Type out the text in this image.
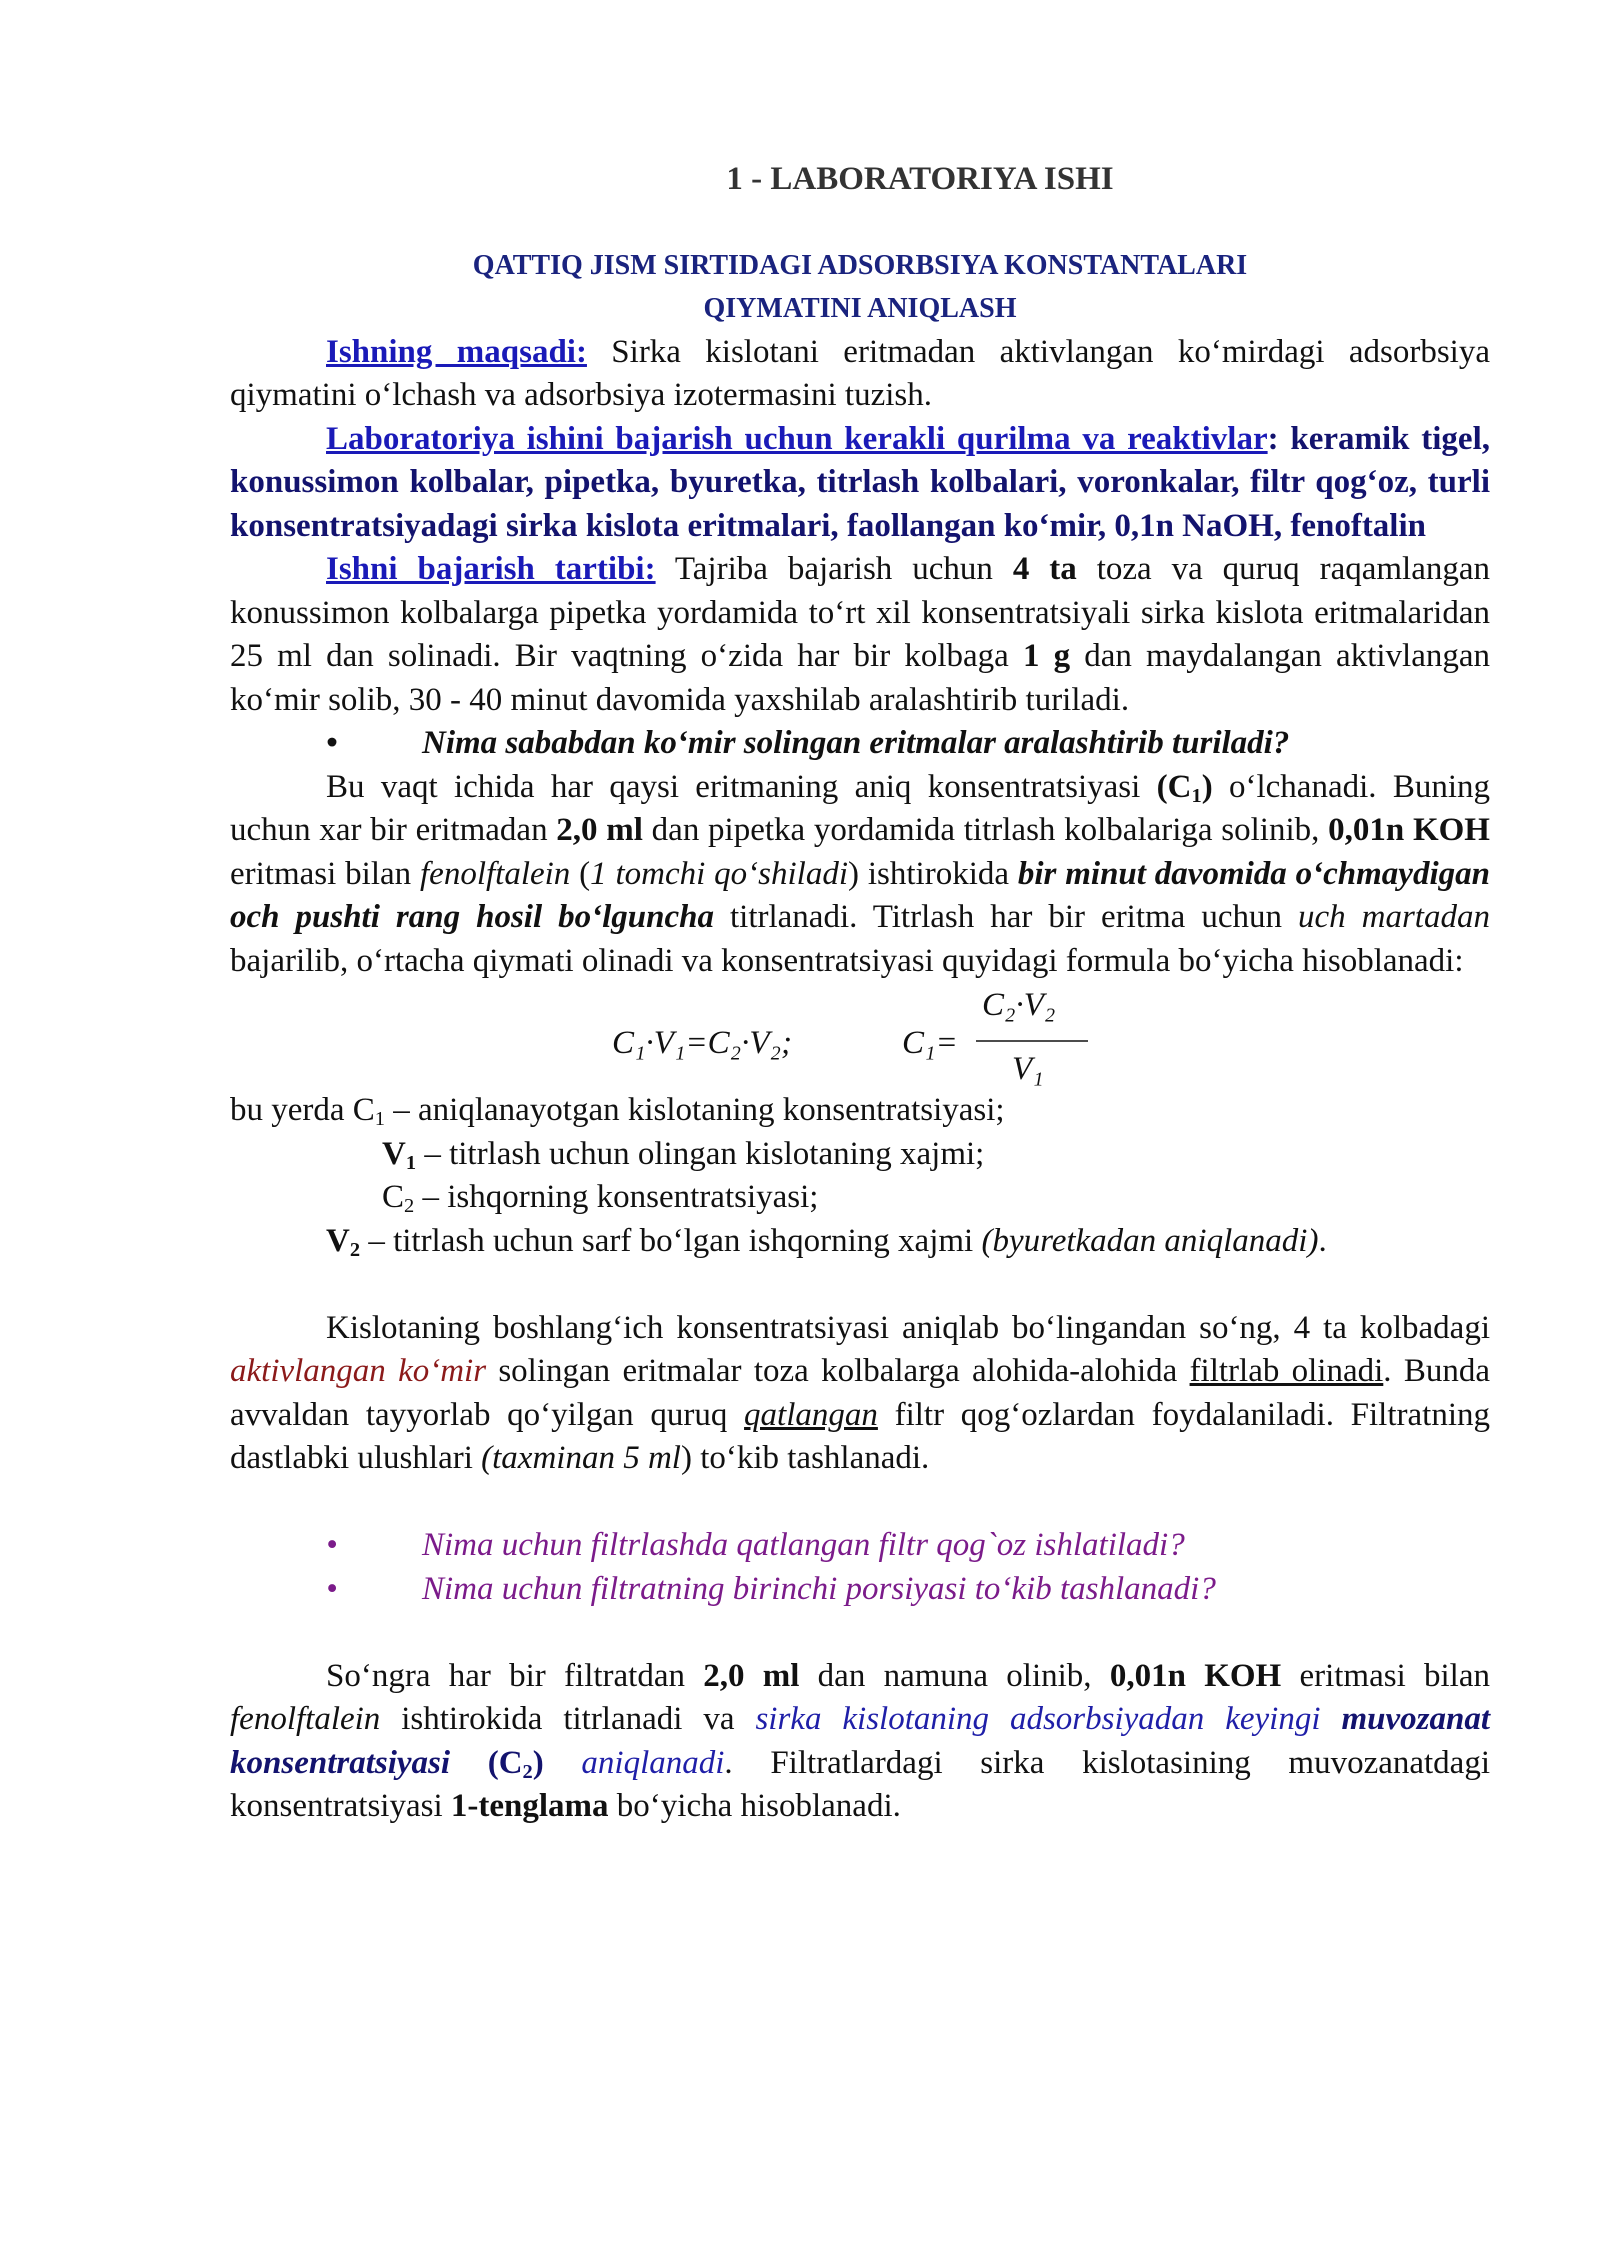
1 - LABORATORIYA ISHI
QATTIQ JISM SIRTIDAGI ADSORBSIYA KONSTANTALARI
QIYMATINI ANIQLASH

Ishning maqsadi: Sirka kislotani eritmadan aktivlangan ko‘mirdagi adsorbsiya qiymatini o‘lchash va adsorbsiya izotermasini tuzish.

Laboratoriya ishini bajarish uchun kerakli qurilma va reaktivlar: keramik tigel, konussimon kolbalar, pipetka, byuretka, titrlash kolbalari, voronkalar, filtr qog‘oz, turli konsentratsiyadagi sirka kislota eritmalari, faollangan ko‘mir, 0,1n NaOH, fenoftalin

Ishni bajarish tartibi: Tajriba bajarish uchun 4 ta toza va quruq raqamlangan konussimon kolbalarga pipetka yordamida to‘rt xil konsentratsiyali sirka kislota eritmalaridan 25 ml dan solinadi. Bir vaqtning o‘zida har bir kolbaga 1 g dan maydalangan aktivlangan ko‘mir solib, 30 - 40 minut davomida yaxshilab aralashtirib turiladi.

•	Nima sababdan ko‘mir solingan eritmalar aralashtirib turiladi?

Bu vaqt ichida har qaysi eritmaning aniq konsentratsiyasi $(C_1)$ o‘lchanadi. Buning uchun xar bir eritmadan 2,0 ml dan pipetka yordamida titrlash kolbalariga solinib, 0,01n KOH eritmasi bilan fenolftalein (1 tomchi qo‘shiladi) ishtirokida bir minut davomida o‘chmaydigan och pushti rang hosil bo‘lguncha titrlanadi. Titrlash har bir eritma uchun uch martadan bajarilib, o‘rtacha qiymati olinadi va konsentratsiyasi quyidagi formula bo‘yicha hisoblanadi:

C₁·V₁=C₂·V₂;	C₁=
C₂·V₂
V₁

bu yerda $C_1$ – aniqlanayotgan kislotaning konsentratsiyasi;

$V_1$ – titrlash uchun olingan kislotaning xajmi;

$C_2$ – ishqorning konsentratsiyasi;

$V_2$ – titrlash uchun sarf bo‘lgan ishqorning xajmi (byuretkadan aniqlanadi).

Kislotaning boshlang‘ich konsentratsiyasi aniqlab bo‘lingandan so‘ng, 4 ta kolbadagi aktivlangan ko‘mir solingan eritmalar toza kolbalarga alohida-alohida filtrlab olinadi. Bunda avvaldan tayyorlab qo‘yilgan quruq qatlangan filtr qog‘ozlardan foydalaniladi. Filtratning dastlabki ulushlari (taxminan 5 ml) to‘kib tashlanadi.

•	Nima uchun filtrlashda qatlangan filtr qog`oz ishlatiladi?

•	Nima uchun filtratning birinchi porsiyasi to‘kib tashlanadi?

So‘ngra har bir filtratdan 2,0 ml dan namuna olinib, 0,01n KOH eritmasi bilan fenolftalein ishtirokida titrlanadi va sirka kislotaning adsorbsiyadan keyingi muvozanat konsentratsiyasi $(C_2)$ aniqlanadi. Filtratlardagi sirka kislotasining muvozanatdagi konsentratsiyasi 1-tenglama bo‘yicha hisoblanadi.
